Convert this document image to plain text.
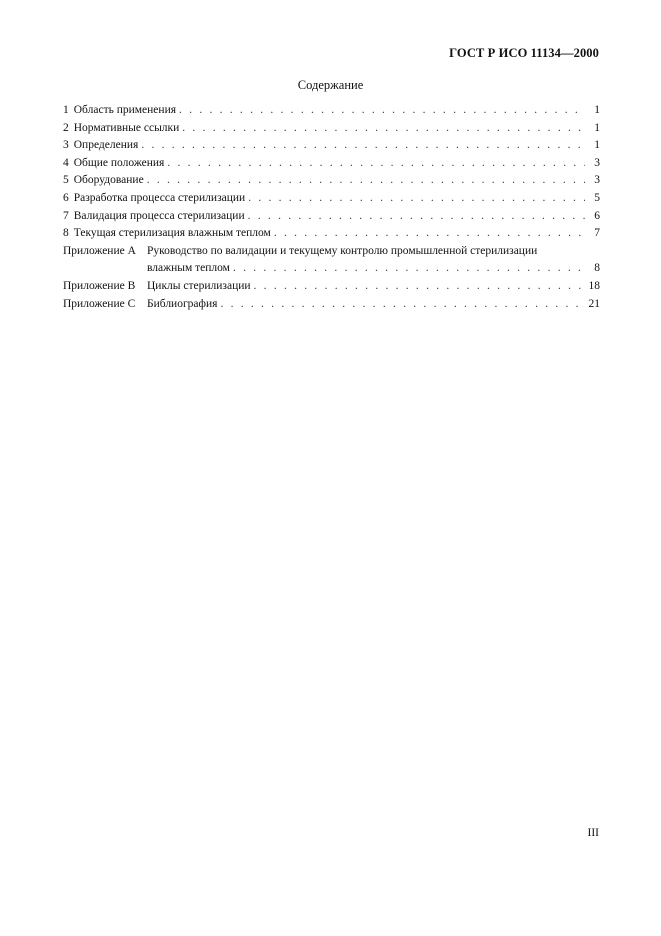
ГОСТ Р ИСО 11134—2000
Содержание
1 Область применения . . .	1
2 Нормативные ссылки . . .	1
3 Определения . . .	1
4 Общие положения . . .	3
5 Оборудование . . .	3
6 Разработка процесса стерилизации . . .	5
7 Валидация процесса стерилизации . . .	6
8 Текущая стерилизация влажным теплом . . .	7
Приложение А Руководство по валидации и текущему контролю промышленной стерилизации
влажным теплом . . .	8
Приложение В	Циклы стерилизации . . .	18
Приложение С	Библиография . . .	21
III
